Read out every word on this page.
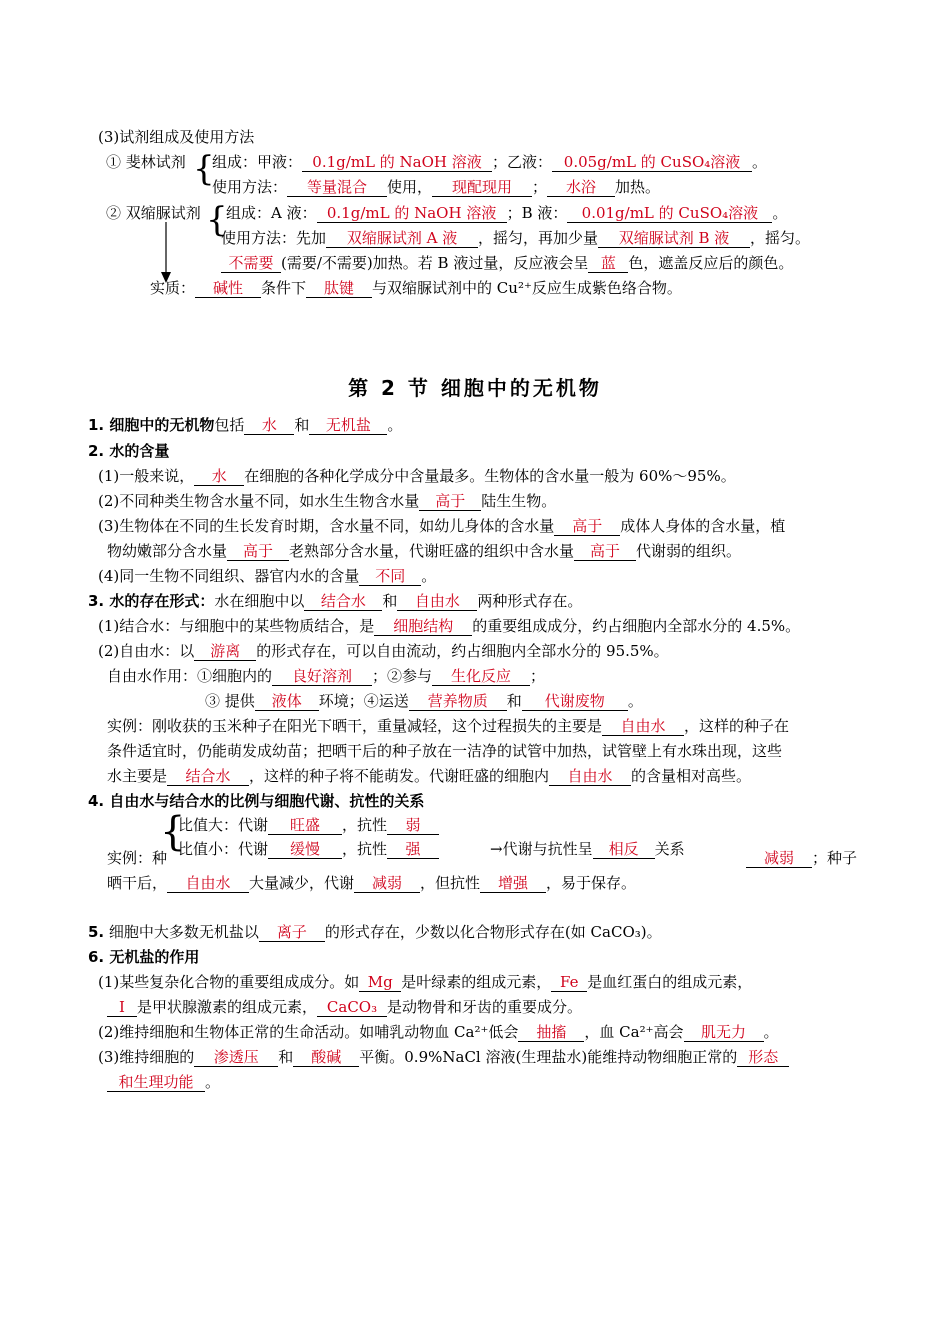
(3)试剂组成及使用方法
① 斐林试剂 {
组成：甲液： 0.1g/mL 的 NaOH 溶液 ；乙液： 0.05g/mL 的 CuSO₄溶液 。
使用方法： 等量混合 使用， 现配现用 ； 水浴 加热。
② 双缩脲试剂 {
组成：A 液： 0.1g/mL 的 NaOH 溶液 ；B 液： 0.01g/mL 的 CuSO₄溶液 。
使用方法：先加 双缩脲试剂 A 液 ，摇匀，再加少量 双缩脲试剂 B 液 ，摇匀。
不需要 (需要/不需要)加热。若 B 液过量，反应液会呈 蓝 色，遮盖反应后的颜色。
实质： 碱性 条件下 肽键 与双缩脲试剂中的 Cu²⁺反应生成紫色络合物。
第 2 节 细胞中的无机物
1. 细胞中的无机物包括 水 和 无机盐 。
2. 水的含量
(1)一般来说， 水 在细胞的各种化学成分中含量最多。生物体的含水量一般为 60%～95%。
(2)不同种类生物含水量不同，如水生生物含水量 高于 陆生生物。
(3)生物体在不同的生长发育时期，含水量不同，如幼儿身体的含水量 高于 成体人身体的含水量，植
物幼嫩部分含水量 高于 老熟部分含水量，代谢旺盛的组织中含水量 高于 代谢弱的组织。
(4)同一生物不同组织、器官内水的含量 不同 。
3. 水的存在形式：水在细胞中以 结合水 和 自由水 两种形式存在。
(1)结合水：与细胞中的某些物质结合，是 细胞结构 的重要组成成分，约占细胞内全部水分的 4.5%。
(2)自由水：以 游离 的形式存在，可以自由流动，约占细胞内全部水分的 95.5%。
自由水作用：①细胞内的 良好溶剂 ；②参与 生化反应 ；
③ 提供 液体 环境；④运送 营养物质 和 代谢废物 。
实例：刚收获的玉米种子在阳光下晒干，重量减轻，这个过程损失的主要是 自由水 ，这样的种子在
条件适宜时，仍能萌发成幼苗；把晒干后的种子放在一洁净的试管中加热，试管壁上有水珠出现，这些
水主要是 结合水 ，这样的种子将不能萌发。代谢旺盛的细胞内 自由水 的含量相对高些。
4. 自由水与结合水的比例与细胞代谢、抗性的关系
{
比值大：代谢 旺盛 ，抗性 弱
比值小：代谢 缓慢 ，抗性 强	→代谢与抗性呈 相反 关系
实例：种	减弱 ；种子
晒干后， 自由水 大量减少，代谢 减弱 ，但抗性 增强 ，易于保存。
5. 细胞中大多数无机盐以 离子 的形式存在，少数以化合物形式存在(如 CaCO₃)。
6. 无机盐的作用
(1)某些复杂化合物的重要组成成分。如 Mg 是叶绿素的组成元素， Fe 是血红蛋白的组成元素，
I 是甲状腺激素的组成元素， CaCO₃ 是动物骨和牙齿的重要成分。
(2)维持细胞和生物体正常的生命活动。如哺乳动物血 Ca²⁺低会 抽搐 ，血 Ca²⁺高会 肌无力 。
(3)维持细胞的 渗透压 和 酸碱 平衡。0.9%NaCl 溶液(生理盐水)能维持动物细胞正常的 形态
和生理功能 。
